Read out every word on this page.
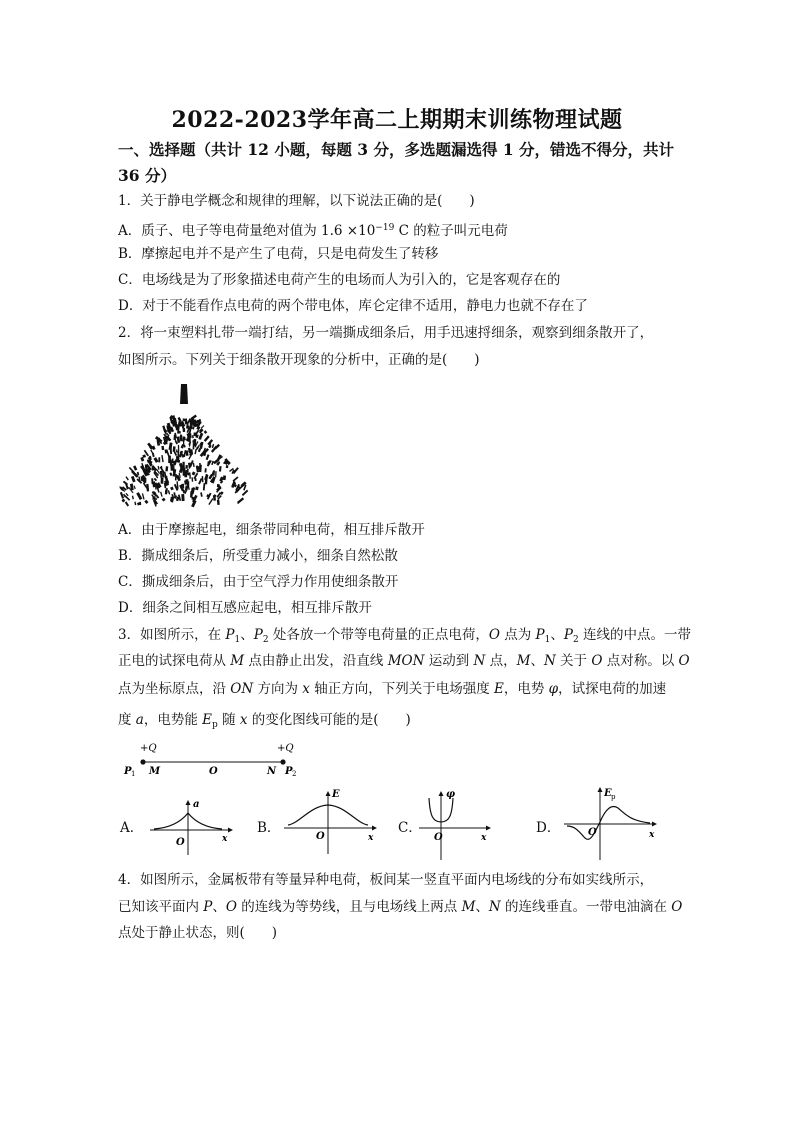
2022-2023学年高二上期期末训练物理试题
一、选择题（共计 12 小题，每题 3 分，多选题漏选得 1 分，错选不得分，共计
36 分）
1．关于静电学概念和规律的理解，以下说法正确的是(　　)
A．质子、电子等电荷量绝对值为 $1.6 \times 10^{-19}$ C 的粒子叫元电荷
B．摩擦起电并不是产生了电荷，只是电荷发生了转移
C．电场线是为了形象描述电荷产生的电场而人为引入的，它是客观存在的
D．对于不能看作点电荷的两个带电体，库仑定律不适用，静电力也就不存在了
2．将一束塑料扎带一端打结，另一端撕成细条后，用手迅速捋细条，观察到细条散开了，
如图所示。下列关于细条散开现象的分析中，正确的是(　　)
A．由于摩擦起电，细条带同种电荷，相互排斥散开
B．撕成细条后，所受重力减小，细条自然松散
C．撕成细条后，由于空气浮力作用使细条散开
D．细条之间相互感应起电，相互排斥散开
3．如图所示，在 $P_1$、$P_2$ 处各放一个带等电荷量的正点电荷，O 点为 $P_1$、$P_2$ 连线的中点。一带
正电的试探电荷从 M 点由静止出发，沿直线 MON 运动到 N 点，M、N 关于 O 点对称。以 O
点为坐标原点，沿 ON 方向为 x 轴正方向，下列关于电场强度 E，电势 φ，试探电荷的加速
度 a，电势能 $E_p$ 随 x 的变化图线可能的是(　　)
+Q	+Q
P 1 M	O	N P 2
A．
a
x
O
B．
E
x
O
C．
φ
x
O
D．
E p
x
O
4．如图所示，金属板带有等量异种电荷，板间某一竖直平面内电场线的分布如实线所示，
已知该平面内 P、O 的连线为等势线，且与电场线上两点 M、N 的连线垂直。一带电油滴在 O
点处于静止状态，则(　　)
